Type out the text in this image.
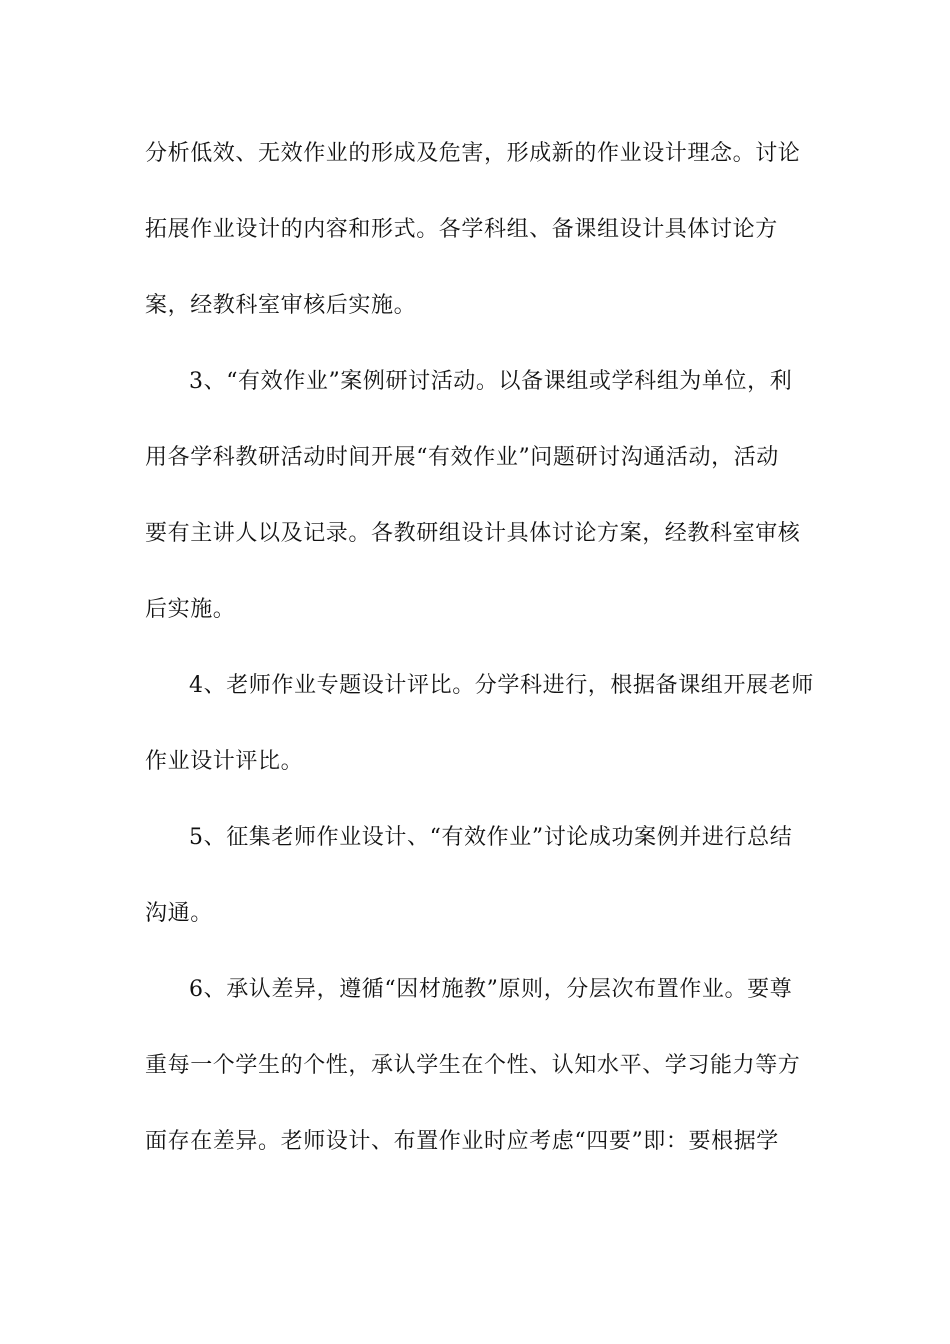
分析低效、无效作业的形成及危害，形成新的作业设计理念。讨论
拓展作业设计的内容和形式。各学科组、备课组设计具体讨论方
案，经教科室审核后实施。
3、“有效作业”案例研讨活动。以备课组或学科组为单位，利
用各学科教研活动时间开展“有效作业”问题研讨沟通活动，活动
要有主讲人以及记录。各教研组设计具体讨论方案，经教科室审核
后实施。
4、老师作业专题设计评比。分学科进行，根据备课组开展老师
作业设计评比。
5、征集老师作业设计、“有效作业”讨论成功案例并进行总结
沟通。
6、承认差异，遵循“因材施教”原则，分层次布置作业。要尊
重每一个学生的个性，承认学生在个性、认知水平、学习能力等方
面存在差异。老师设计、布置作业时应考虑“四要”即：要根据学
